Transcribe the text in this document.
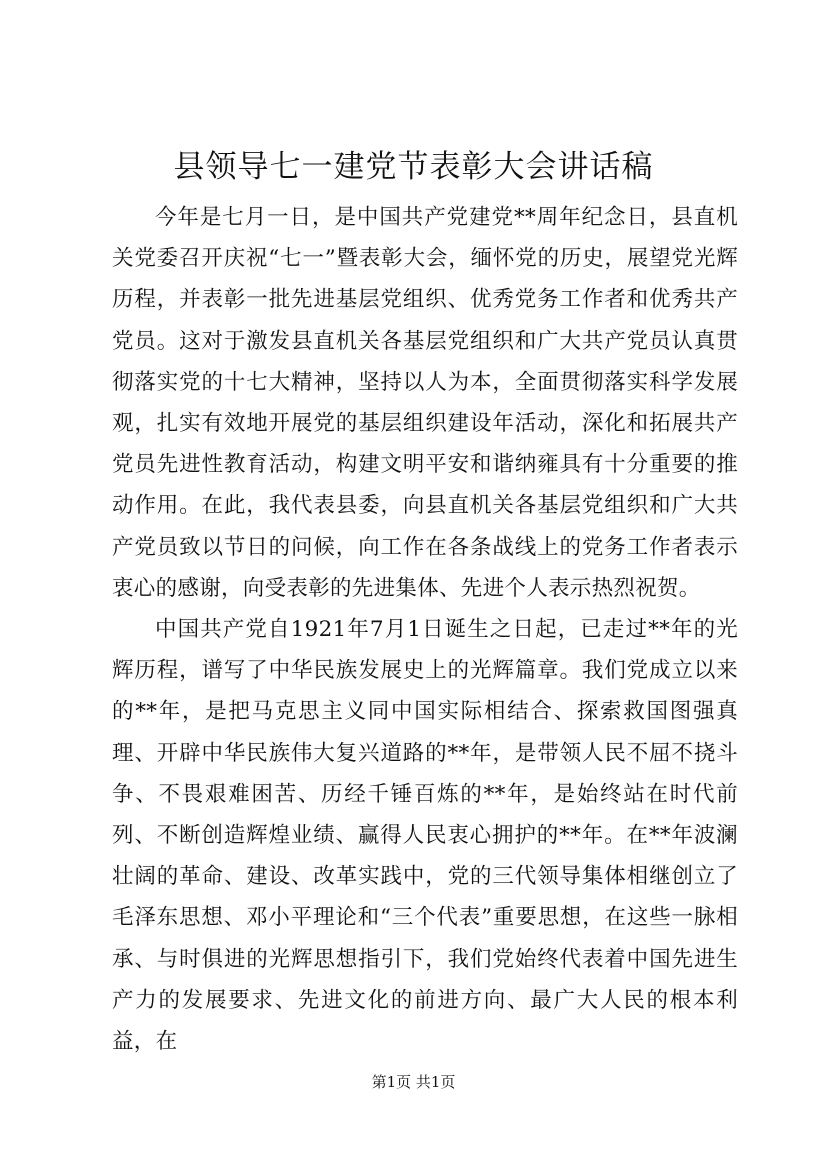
县领导七一建党节表彰大会讲话稿

今年是七月一日，是中国共产党建党**周年纪念日，县直机关党委召开庆祝“七一”暨表彰大会，缅怀党的历史，展望党光辉历程，并表彰一批先进基层党组织、优秀党务工作者和优秀共产党员。这对于激发县直机关各基层党组织和广大共产党员认真贯彻落实党的十七大精神，坚持以人为本，全面贯彻落实科学发展观，扎实有效地开展党的基层组织建设年活动，深化和拓展共产党员先进性教育活动，构建文明平安和谐纳雍具有十分重要的推动作用。在此，我代表县委，向县直机关各基层党组织和广大共产党员致以节日的问候，向工作在各条战线上的党务工作者表示衷心的感谢，向受表彰的先进集体、先进个人表示热烈祝贺。

中国共产党自1921年7月1日诞生之日起，已走过**年的光辉历程，谱写了中华民族发展史上的光辉篇章。我们党成立以来的**年，是把马克思主义同中国实际相结合、探索救国图强真理、开辟中华民族伟大复兴道路的**年，是带领人民不屈不挠斗争、不畏艰难困苦、历经千锤百炼的**年，是始终站在时代前列、不断创造辉煌业绩、赢得人民衷心拥护的**年。在**年波澜壮阔的革命、建设、改革实践中，党的三代领导集体相继创立了毛泽东思想、邓小平理论和“三个代表”重要思想，在这些一脉相承、与时俱进的光辉思想指引下，我们党始终代表着中国先进生产力的发展要求、先进文化的前进方向、最广大人民的根本利益，在

第1页 共1页
